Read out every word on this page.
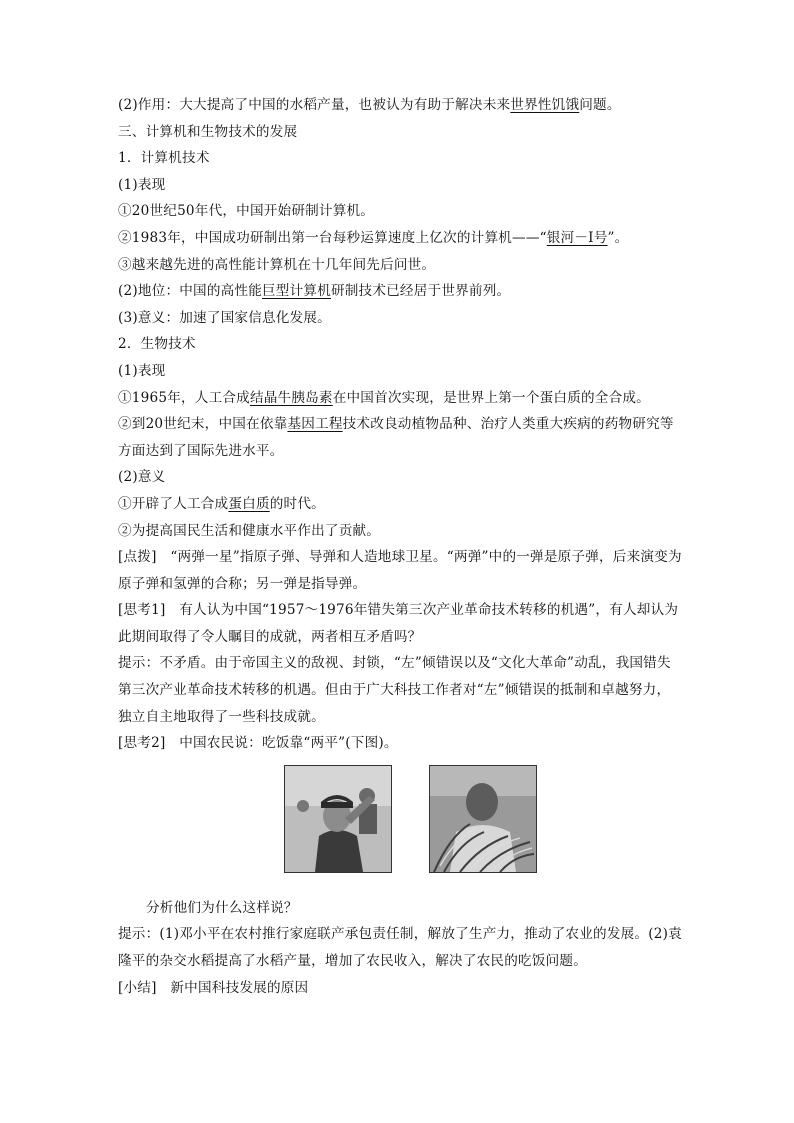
(2)作用：大大提高了中国的水稻产量，也被认为有助于解决未来世界性饥饿问题。

三、计算机和生物技术的发展

1．计算机技术

(1)表现

①20世纪50年代，中国开始研制计算机。

②1983年，中国成功研制出第一台每秒运算速度上亿次的计算机——“银河－Ⅰ号”。

③越来越先进的高性能计算机在十几年间先后问世。

(2)地位：中国的高性能巨型计算机研制技术已经居于世界前列。

(3)意义：加速了国家信息化发展。

2．生物技术

(1)表现

①1965年，人工合成结晶牛胰岛素在中国首次实现，是世界上第一个蛋白质的全合成。

②到20世纪末，中国在依靠基因工程技术改良动植物品种、治疗人类重大疾病的药物研究等方面达到了国际先进水平。

(2)意义

①开辟了人工合成蛋白质的时代。

②为提高国民生活和健康水平作出了贡献。

[点拨]　“两弹一星”指原子弹、导弹和人造地球卫星。“两弹”中的一弹是原子弹，后来演变为原子弹和氢弹的合称；另一弹是指导弹。

[思考1]　有人认为中国“1957～1976年错失第三次产业革命技术转移的机遇”，有人却认为此期间取得了令人瞩目的成就，两者相互矛盾吗？

提示：不矛盾。由于帝国主义的敌视、封锁，“左”倾错误以及“文化大革命”动乱，我国错失第三次产业革命技术转移的机遇。但由于广大科技工作者对“左”倾错误的抵制和卓越努力，独立自主地取得了一些科技成就。

[思考2]　中国农民说：吃饭靠“两平”(下图)。

分析他们为什么这样说？

提示：(1)邓小平在农村推行家庭联产承包责任制，解放了生产力，推动了农业的发展。(2)袁隆平的杂交水稻提高了水稻产量，增加了农民收入，解决了农民的吃饭问题。

[小结]　新中国科技发展的原因
